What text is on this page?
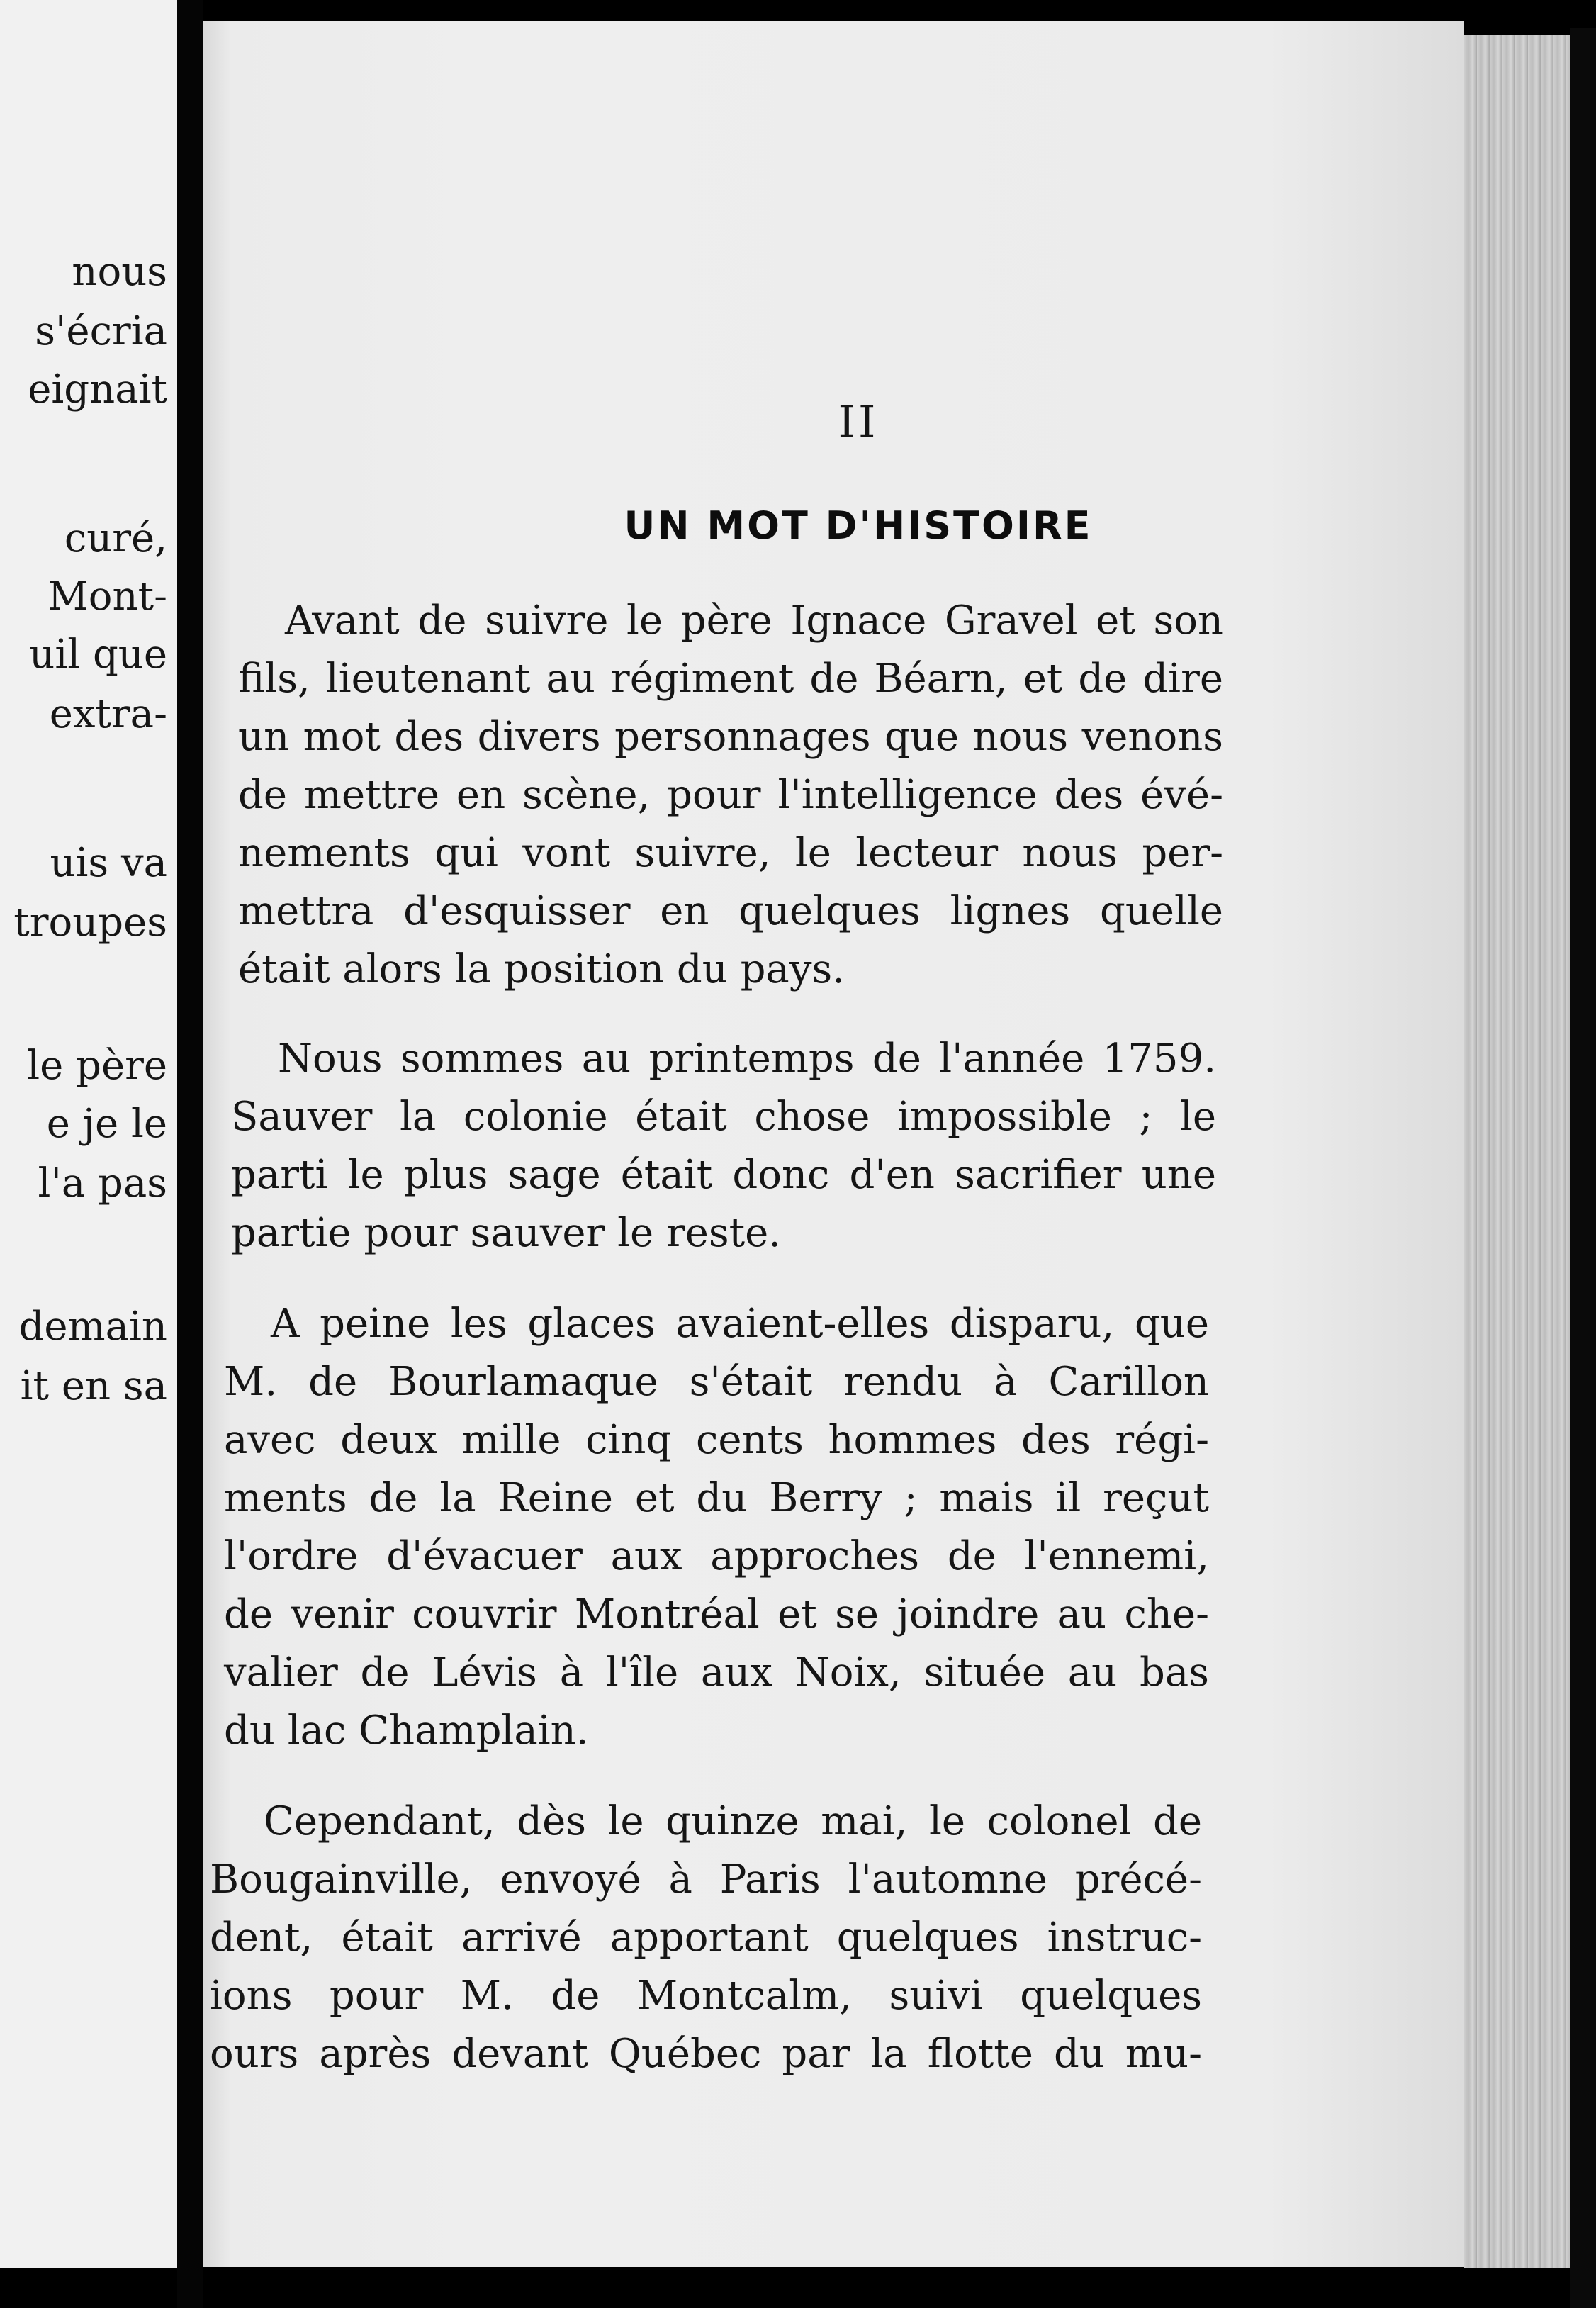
nous
s'écria
eignait
curé,
Mont-
uil que
extra-
uis va
troupes
le père
e je le
l'a pas
demain
it en sa
II
UN MOT D'HISTOIRE
Avant de suivre le père Ignace Gravel et son
fils, lieutenant au régiment de Béarn, et de dire
un mot des divers personnages que nous venons
de mettre en scène, pour l'intelligence des évé-
nements qui vont suivre, le lecteur nous per-
mettra d'esquisser en quelques lignes quelle
était alors la position du pays.
Nous sommes au printemps de l'année 1759.
Sauver la colonie était chose impossible ; le
parti le plus sage était donc d'en sacrifier une
partie pour sauver le reste.
A peine les glaces avaient-elles disparu, que
M. de Bourlamaque s'était rendu à Carillon
avec deux mille cinq cents hommes des régi-
ments de la Reine et du Berry ; mais il reçut
l'ordre d'évacuer aux approches de l'ennemi,
de venir couvrir Montréal et se joindre au che-
valier de Lévis à l'île aux Noix, située au bas
du lac Champlain.
Cependant, dès le quinze mai, le colonel de
Bougainville, envoyé à Paris l'automne précé-
dent, était arrivé apportant quelques instruc-
ions pour M. de Montcalm, suivi quelques
ours après devant Québec par la flotte du mu-
